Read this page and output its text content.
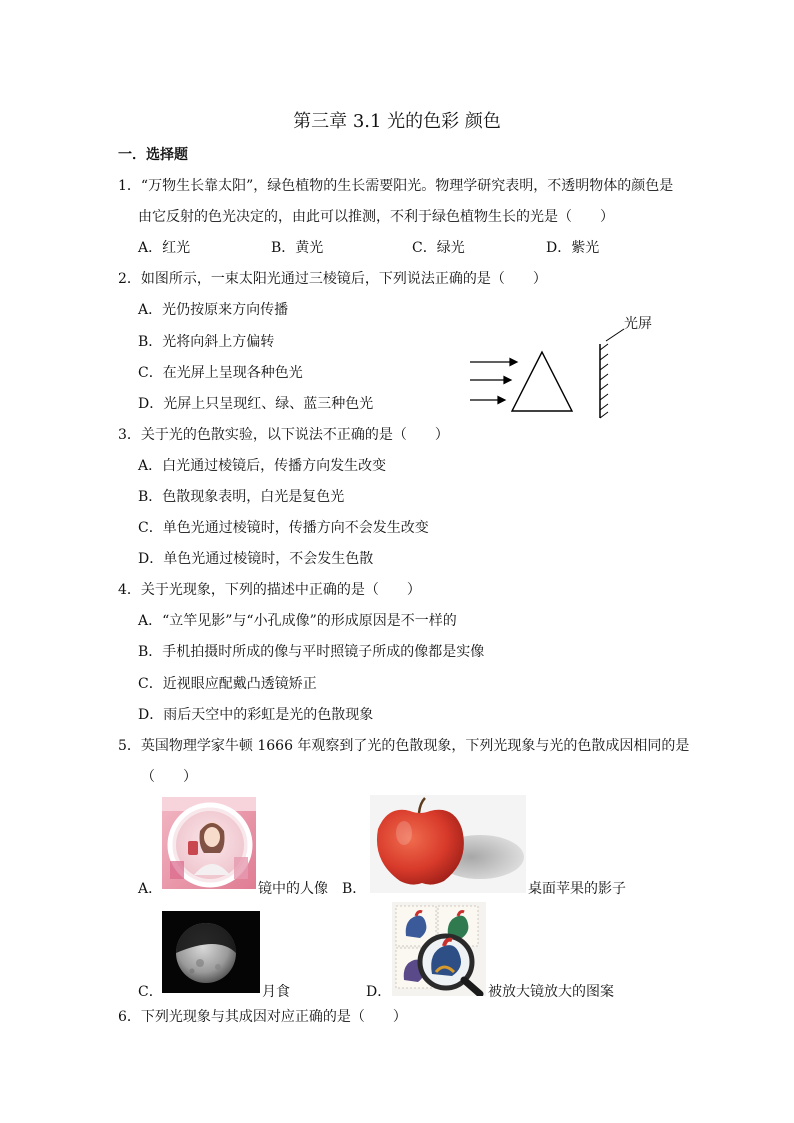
第三章 3.1 光的色彩 颜色
一．选择题
1．“万物生长靠太阳”，绿色植物的生长需要阳光。物理学研究表明，不透明物体的颜色是
由它反射的色光决定的，由此可以推测，不利于绿色植物生长的光是（　　）
A．红光	B．黄光	C．绿光	D．紫光
2．如图所示，一束太阳光通过三棱镜后，下列说法正确的是（　　）
A．光仍按原来方向传播
B．光将向斜上方偏转
C．在光屏上呈现各种色光
D．光屏上只呈现红、绿、蓝三种色光
光屏
3．关于光的色散实验，以下说法不正确的是（　　）
A．白光通过棱镜后，传播方向发生改变
B．色散现象表明，白光是复色光
C．单色光通过棱镜时，传播方向不会发生改变
D．单色光通过棱镜时，不会发生色散
4．关于光现象，下列的描述中正确的是（　　）
A．“立竿见影”与“小孔成像”的形成原因是不一样的
B．手机拍摄时所成的像与平时照镜子所成的像都是实像
C．近视眼应配戴凸透镜矫正
D．雨后天空中的彩虹是光的色散现象
5．英国物理学家牛顿 1666 年观察到了光的色散现象，下列光现象与光的色散成因相同的是
（　　）
A．	镜中的人像 B．	桌面苹果的影子
C．	月食	D．	被放大镜放大的图案
6．下列光现象与其成因对应正确的是（　　）
